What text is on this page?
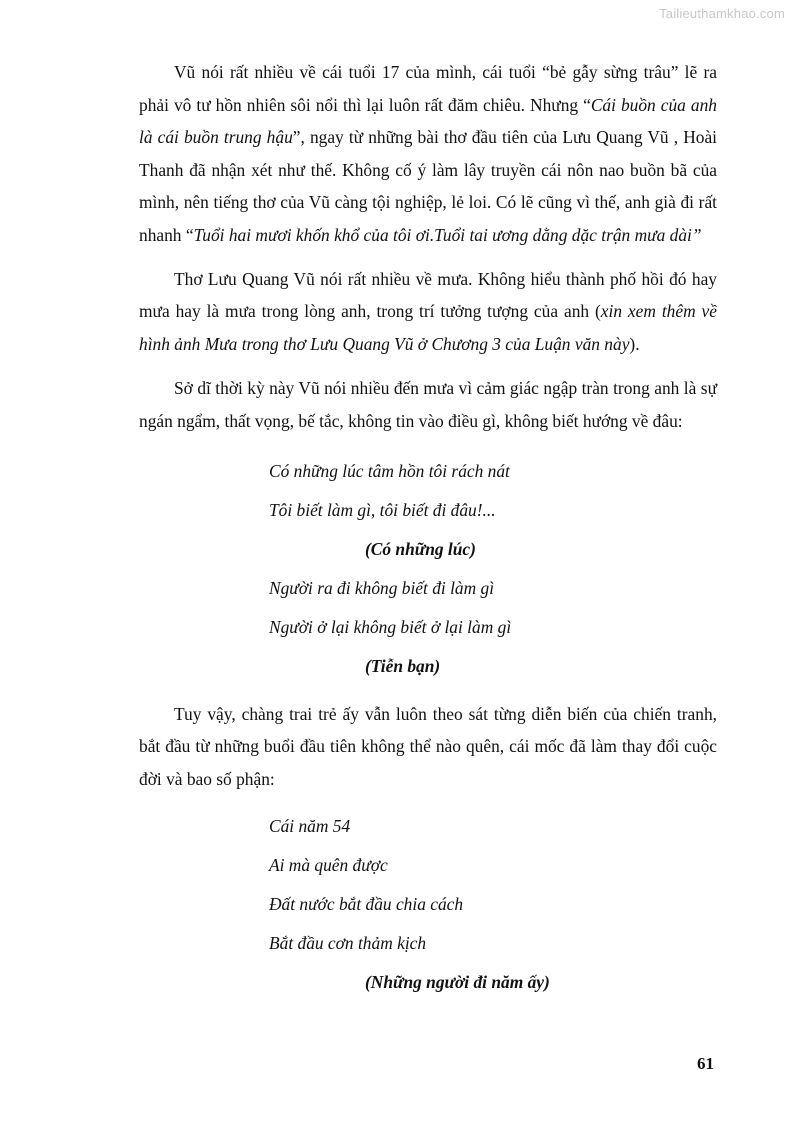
Tailieuthamkhao.com

Vũ nói rất nhiều về cái tuổi 17 của mình, cái tuổi “bẻ gẫy sừng trâu” lẽ ra phải vô tư hồn nhiên sôi nổi thì lại luôn rất đăm chiêu. Nhưng “Cái buồn của anh là cái buồn trung hậu”, ngay từ những bài thơ đầu tiên của Lưu Quang Vũ , Hoài Thanh đã nhận xét như thế. Không cố ý làm lây truyền cái nôn nao buồn bã của mình, nên tiếng thơ của Vũ càng tội nghiệp, lẻ loi. Có lẽ cũng vì thế, anh già đi rất nhanh “Tuổi hai mươi khốn khổ của tôi ơi.Tuổi tai ương dằng dặc trận mưa dài”

Thơ Lưu Quang Vũ nói rất nhiều về mưa. Không hiểu thành phố hồi đó hay mưa hay là mưa trong lòng anh, trong trí tưởng tượng của anh (xin xem thêm về hình ảnh Mưa trong thơ Lưu Quang Vũ ở Chương 3 của Luận văn này).

Sở dĩ thời kỳ này Vũ nói nhiều đến mưa vì cảm giác ngập tràn trong anh là sự ngán ngẩm, thất vọng, bế tắc, không tin vào điều gì, không biết hướng về đâu:

Có những lúc tâm hồn tôi rách nát
Tôi biết làm gì, tôi biết đi đâu!...
(Có những lúc)
Người ra đi không biết đi làm gì
Người ở lại không biết ở lại làm gì
(Tiễn bạn)

Tuy vậy, chàng trai trẻ ấy vẫn luôn theo sát từng diễn biến của chiến tranh, bắt đầu từ những buổi đầu tiên không thể nào quên, cái mốc đã làm thay đổi cuộc đời và bao số phận:

Cái năm 54
Ai mà quên được
Đất nước bắt đầu chia cách
Bắt đầu cơn thảm kịch
(Những người đi năm ấy)
61
